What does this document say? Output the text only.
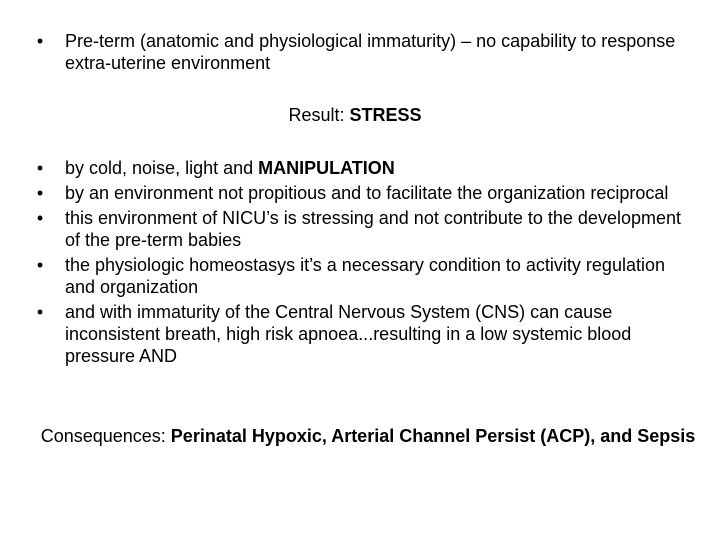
•	Pre-term (anatomic and physiological immaturity) – no capability to response extra-uterine environment
Result: STRESS
•	by cold, noise, light and MANIPULATION
•	by an environment not propitious and to facilitate the organization reciprocal
•	this environment of NICU’s is stressing and not contribute to the development of the pre-term babies
•	the physiologic homeostasys it’s a necessary condition to activity regulation and organization
•	and with immaturity of the Central Nervous System (CNS) can cause inconsistent breath, high risk apnoea...resulting in a low systemic blood pressure AND
Consequences: Perinatal Hypoxic, Arterial Channel Persist (ACP), and Sepsis
